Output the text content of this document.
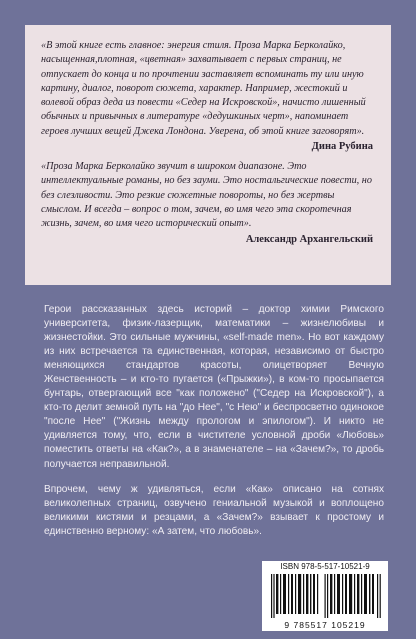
«В этой книге есть главное: энергия стиля. Проза Марка Берколайко, насыщенная,плотная, «цветная» захватывает с первых страниц, не отпускает до конца и по прочтении заставляет вспоминать ту или иную картину, диалог, поворот сюжета, характер. Например, жестокий и волевой образ деда из повести «Седер на Искровской», начисто лишенный обычных и привычных в литературе «дедушкиных черт», напоминает героев лучших вещей Джека Лондона. Уверена, об этой книге заговорят».

Дина Рубина

«Проза Марка Берколайко звучит в широком диапазоне. Это интеллектуальные романы, но без зауми. Это ностальгические повести, но без слезливости. Это резкие сюжетные повороты, но без жертвы смыслом. И всегда – вопрос о том, зачем, во имя чего эта скоротечная жизнь, зачем, во имя чего исторический опыт».

Александр Архангельский

Герои рассказанных здесь историй – доктор химии Римского университета, физик-лазерщик, математики – жизнелюбивы и жизнестойки. Это сильные мужчины, «self-made men». Но вот каждому из них встречается та единственная, которая, независимо от быстро меняющихся стандартов красоты, олицетворяет Вечную Женственность – и кто-то пугается («Прыжки»), в ком-то просыпается бунтарь, отвергающий все "как положено" ("Седер на Искровской"), а кто-то делит земной путь на "до Нее", "с Нею" и беспросветно одинокое "после Нее" ("Жизнь между прологом и эпилогом"). И никто не удивляется тому, что, если в чистителе условной дроби «Любовь» поместить ответы на «Как?», а в знаменателе – на «Зачем?», то дробь получается неправильной.

Впрочем, чему ж удивляться, если «Как» описано на сотнях великолепных страниц, озвучено гениальной музыкой и воплощено великими кистями и резцами, а «Зачем?» взывает к простому и единственно верному: «А затем, что любовь».

ISBN 978-5-517-10521-9
9 785517 105219
